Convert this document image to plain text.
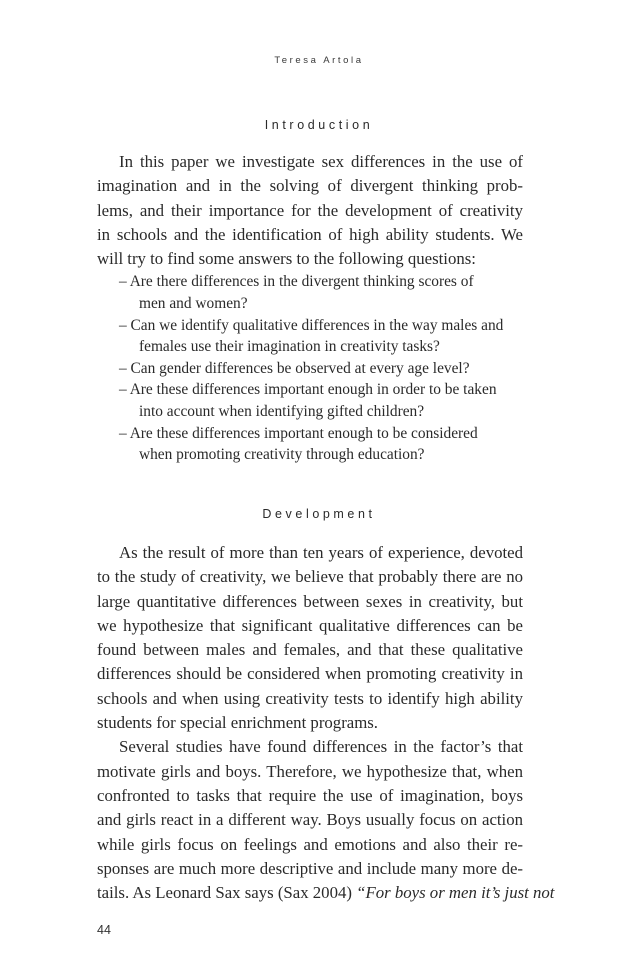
Teresa Artola
Introduction
In this paper we investigate sex differences in the use of
imagination and in the solving of divergent thinking prob-
lems, and their importance for the development of creativity
in schools and the identification of high ability students. We
will try to find some answers to the following questions:
– Are there differences in the divergent thinking scores of
men and women?
– Can we identify qualitative differences in the way males and
females use their imagination in creativity tasks?
– Can gender differences be observed at every age level?
– Are these differences important enough in order to be taken
into account when identifying gifted children?
– Are these differences important enough to be considered
when promoting creativity through education?
Development
As the result of more than ten years of experience, devoted
to the study of creativity, we believe that probably there are no
large quantitative differences between sexes in creativity, but
we hypothesize that significant qualitative differences can be
found between males and females, and that these qualitative
differences should be considered when promoting creativity in
schools and when using creativity tests to identify high ability
students for special enrichment programs.
Several studies have found differences in the factor’s that
motivate girls and boys. Therefore, we hypothesize that, when
confronted to tasks that require the use of imagination, boys
and girls react in a different way. Boys usually focus on action
while girls focus on feelings and emotions and also their re-
sponses are much more descriptive and include many more de-
tails. As Leonard Sax says (Sax 2004) “For boys or men it’s just not
44
